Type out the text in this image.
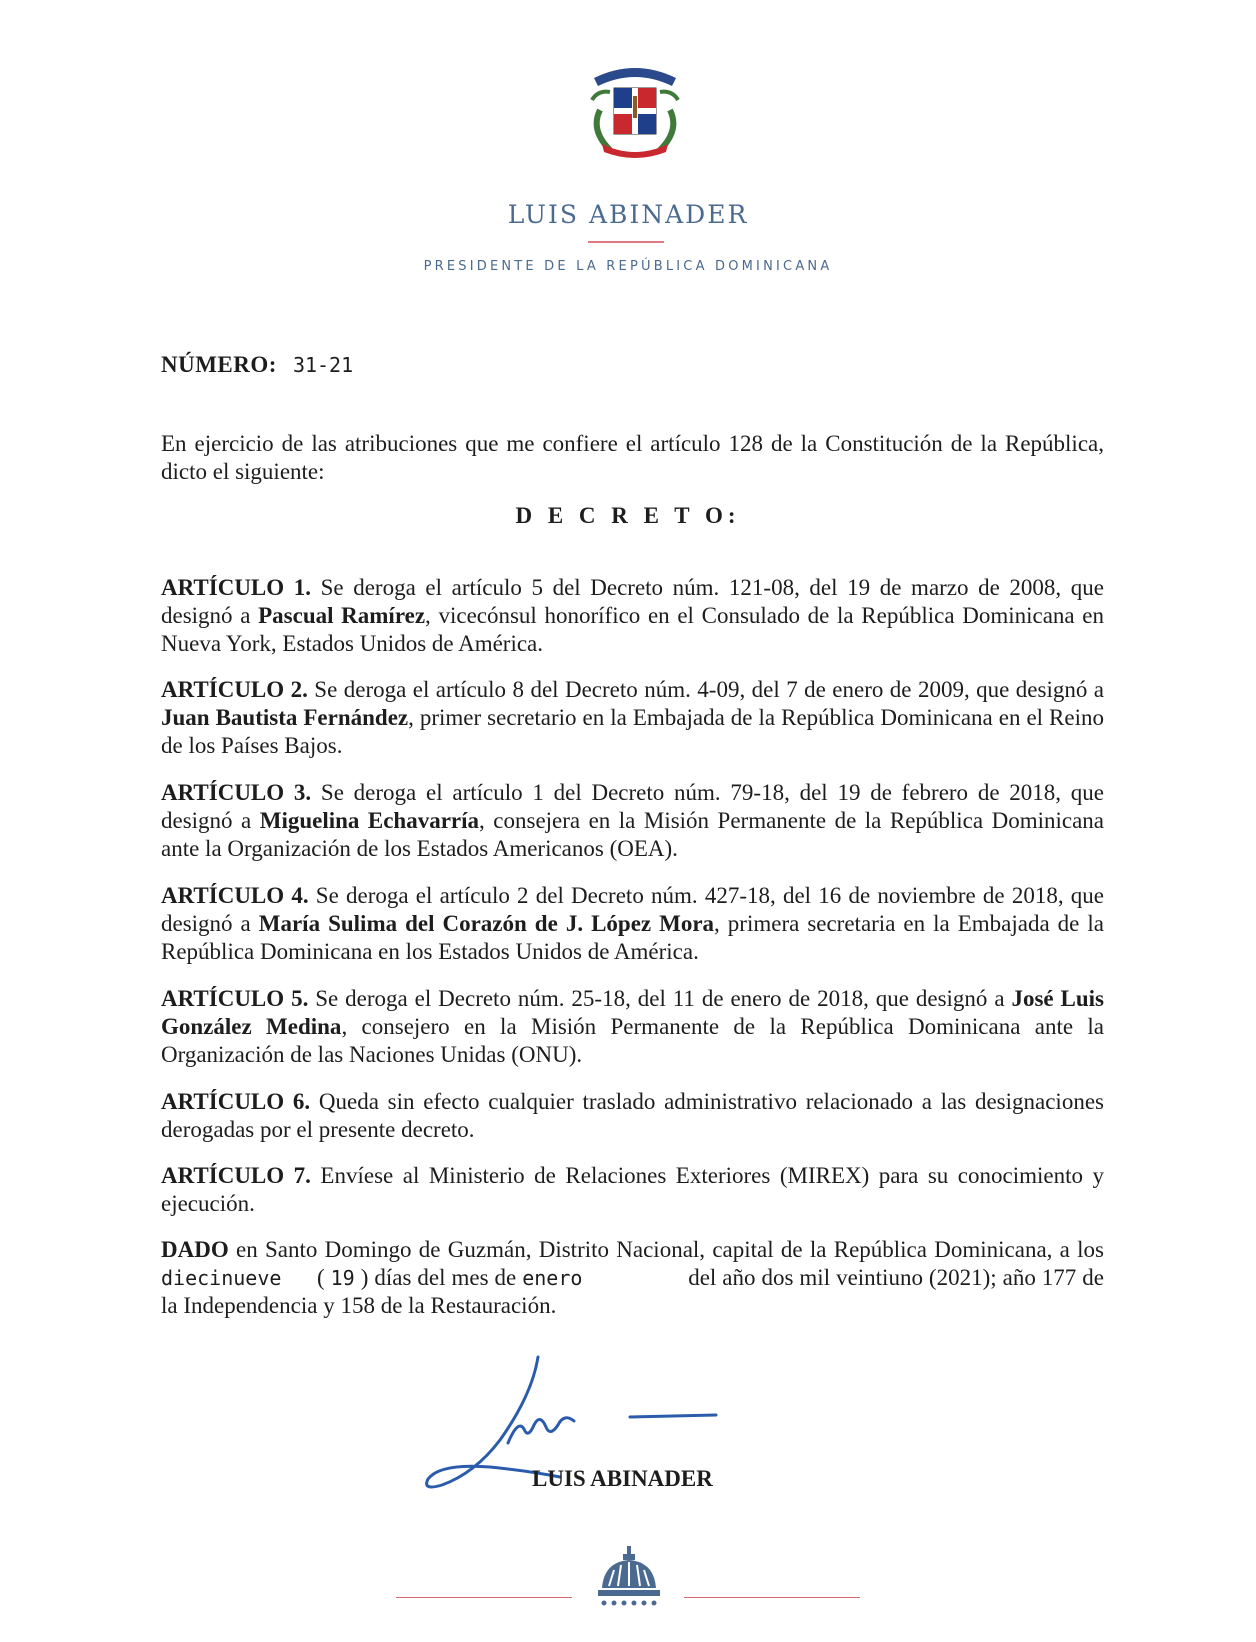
LUIS ABINADER
PRESIDENTE DE LA REPÚBLICA DOMINICANA
NÚMERO: 31-21
En ejercicio de las atribuciones que me confiere el artículo 128 de la Constitución de la República, dicto el siguiente:
D E C R E T O:
ARTÍCULO 1. Se deroga el artículo 5 del Decreto núm. 121-08, del 19 de marzo de 2008, que designó a Pascual Ramírez, vicecónsul honorífico en el Consulado de la República Dominicana en Nueva York, Estados Unidos de América.
ARTÍCULO 2. Se deroga el artículo 8 del Decreto núm. 4-09, del 7 de enero de 2009, que designó a Juan Bautista Fernández, primer secretario en la Embajada de la República Dominicana en el Reino de los Países Bajos.
ARTÍCULO 3. Se deroga el artículo 1 del Decreto núm. 79-18, del 19 de febrero de 2018, que designó a Miguelina Echavarría, consejera en la Misión Permanente de la República Dominicana ante la Organización de los Estados Americanos (OEA).
ARTÍCULO 4. Se deroga el artículo 2 del Decreto núm. 427-18, del 16 de noviembre de 2018, que designó a María Sulima del Corazón de J. López Mora, primera secretaria en la Embajada de la República Dominicana en los Estados Unidos de América.
ARTÍCULO 5. Se deroga el Decreto núm. 25-18, del 11 de enero de 2018, que designó a José Luis González Medina, consejero en la Misión Permanente de la República Dominicana ante la Organización de las Naciones Unidas (ONU).
ARTÍCULO 6. Queda sin efecto cualquier traslado administrativo relacionado a las designaciones derogadas por el presente decreto.
ARTÍCULO 7. Envíese al Ministerio de Relaciones Exteriores (MIREX) para su conocimiento y ejecución.
DADO en Santo Domingo de Guzmán, Distrito Nacional, capital de la República Dominicana, a los diecinueve ( 19 ) días del mes de enero	del año dos mil veintiuno (2021); año 177 de la Independencia y 158 de la Restauración.
LUIS ABINADER
